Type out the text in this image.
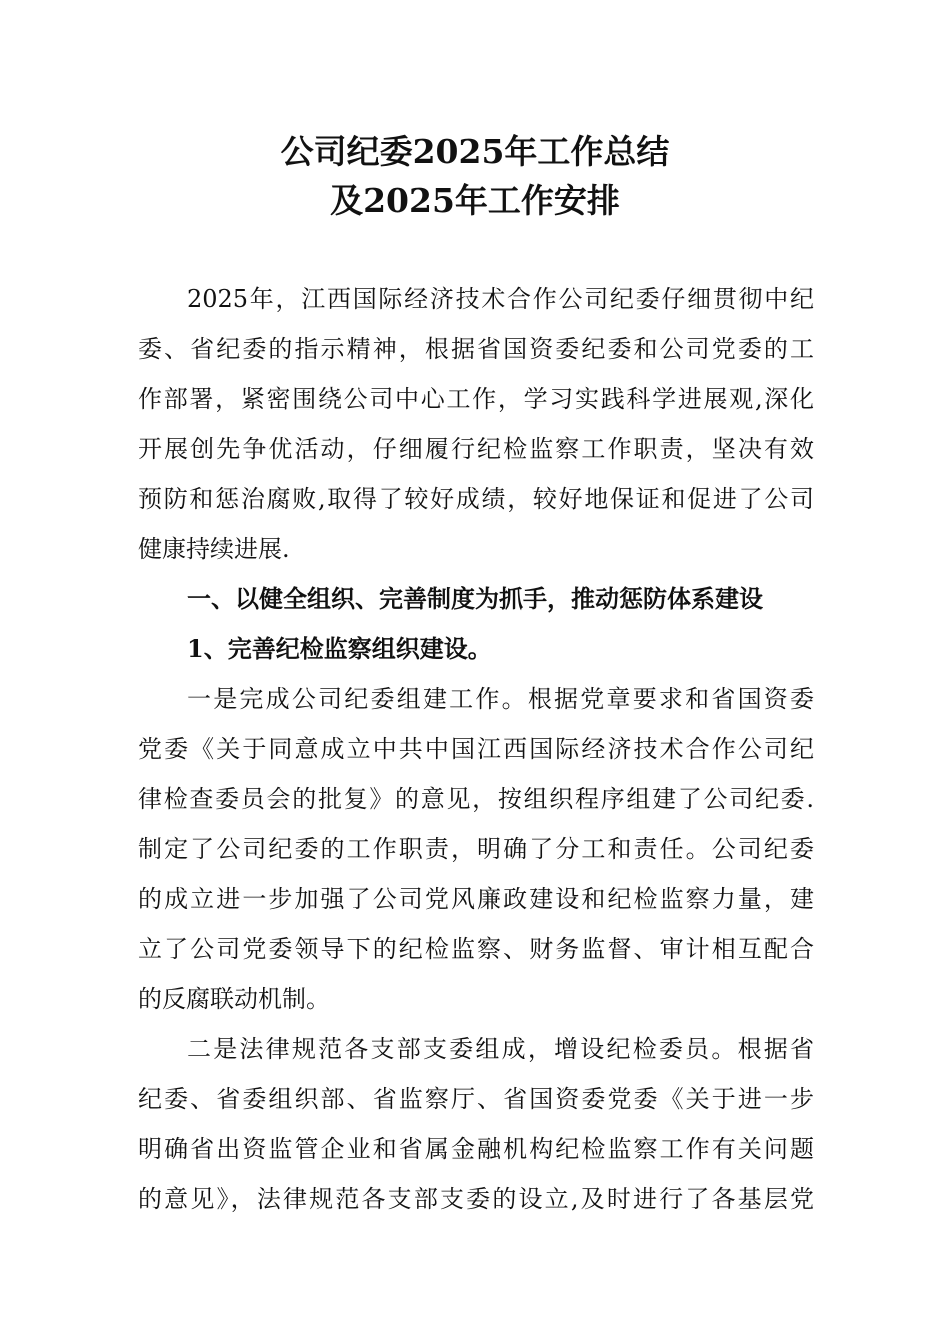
公司纪委2025年工作总结
及2025年工作安排
2025年，江西国际经济技术合作公司纪委仔细贯彻中纪
委、省纪委的指示精神，根据省国资委纪委和公司党委的工
作部署，紧密围绕公司中心工作，学习实践科学进展观,深化
开展创先争优活动，仔细履行纪检监察工作职责，坚决有效
预防和惩治腐败,取得了较好成绩，较好地保证和促进了公司
健康持续进展.
一、以健全组织、完善制度为抓手，推动惩防体系建设
1、完善纪检监察组织建设。
一是完成公司纪委组建工作。根据党章要求和省国资委
党委《关于同意成立中共中国江西国际经济技术合作公司纪
律检查委员会的批复》的意见，按组织程序组建了公司纪委.
制定了公司纪委的工作职责，明确了分工和责任。公司纪委
的成立进一步加强了公司党风廉政建设和纪检监察力量，建
立了公司党委领导下的纪检监察、财务监督、审计相互配合
的反腐联动机制。
二是法律规范各支部支委组成，增设纪检委员。根据省
纪委、省委组织部、省监察厅、省国资委党委《关于进一步
明确省出资监管企业和省属金融机构纪检监察工作有关问题
的意见》，法律规范各支部支委的设立,及时进行了各基层党
